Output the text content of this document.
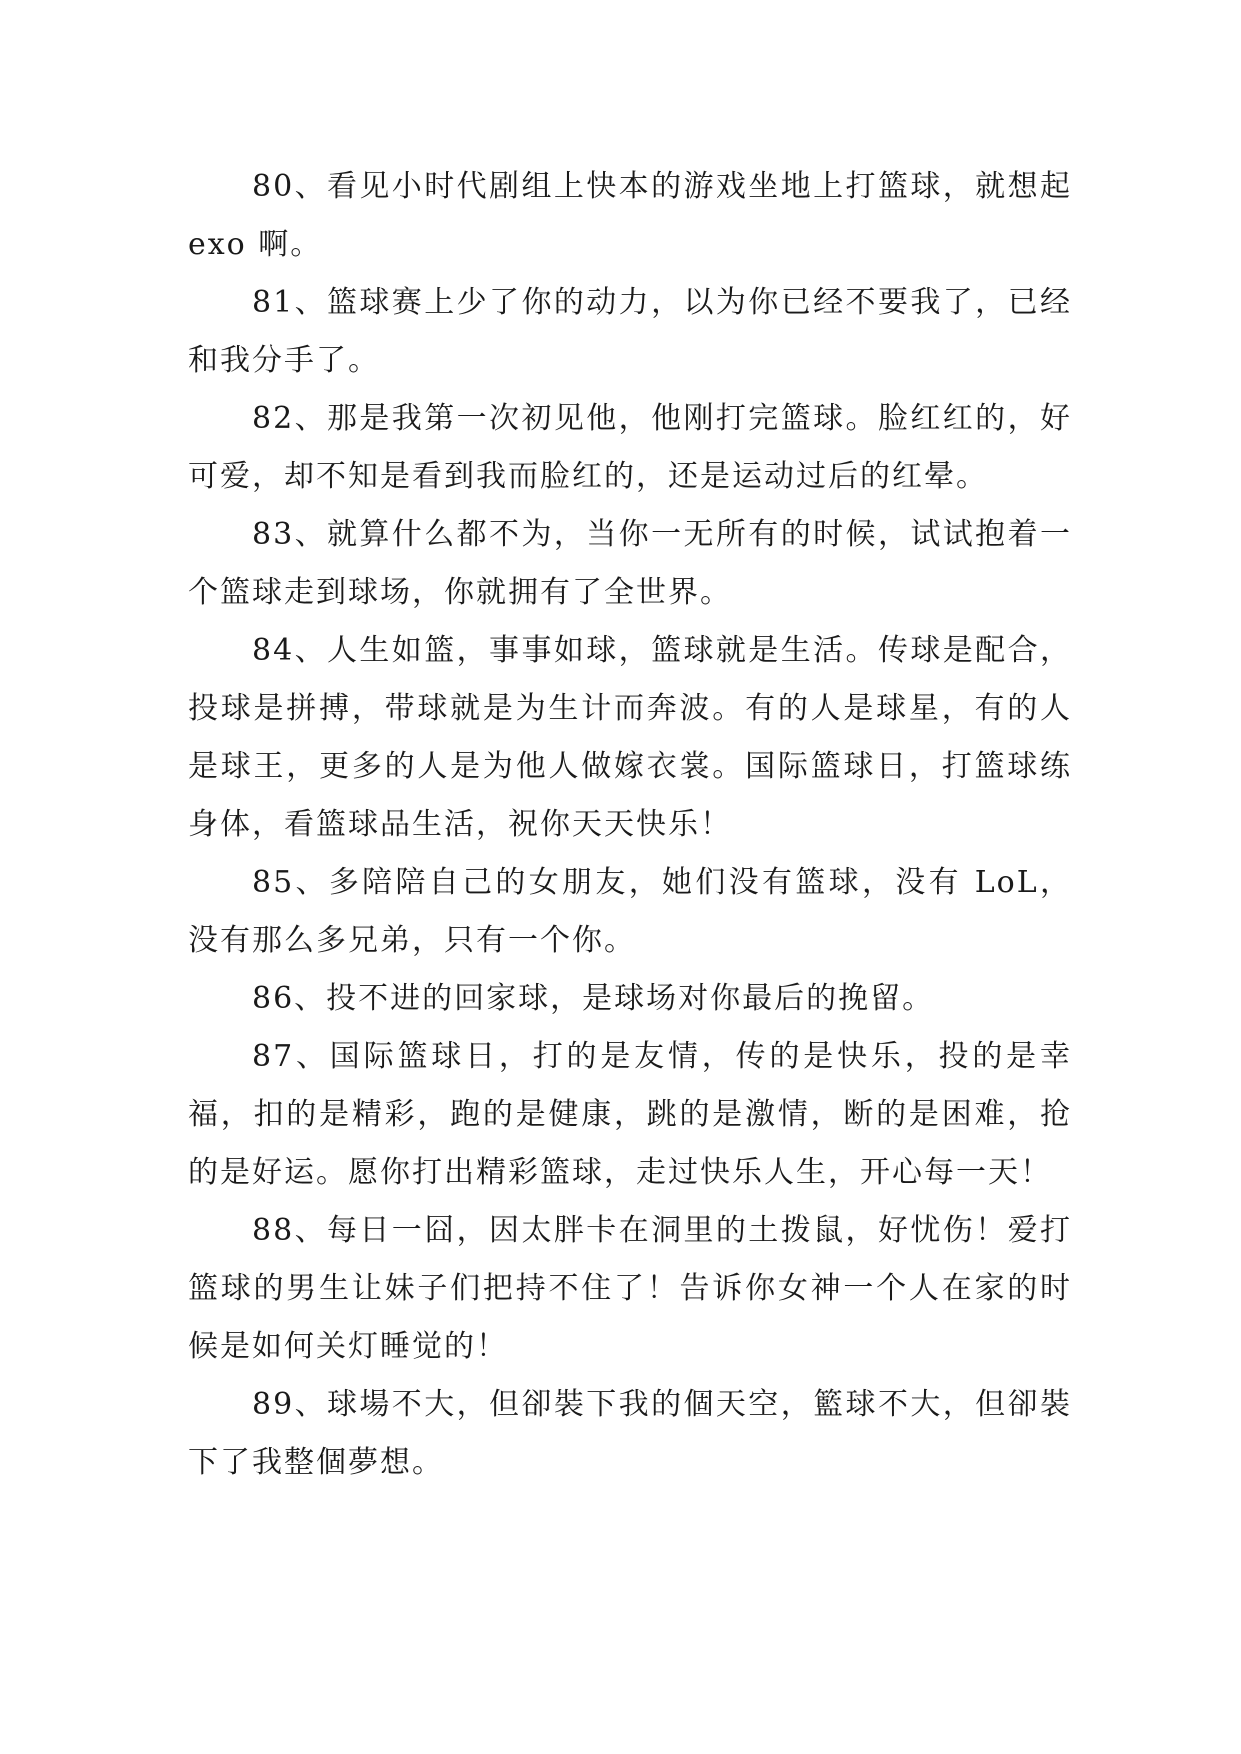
80、看见小时代剧组上快本的游戏坐地上打篮球，就想起 exo 啊。

81、篮球赛上少了你的动力，以为你已经不要我了，已经和我分手了。

82、那是我第一次初见他，他刚打完篮球。脸红红的，好可爱，却不知是看到我而脸红的，还是运动过后的红晕。

83、就算什么都不为，当你一无所有的时候，试试抱着一个篮球走到球场，你就拥有了全世界。

84、人生如篮，事事如球，篮球就是生活。传球是配合，投球是拼搏，带球就是为生计而奔波。有的人是球星，有的人是球王，更多的人是为他人做嫁衣裳。国际篮球日，打篮球练身体，看篮球品生活，祝你天天快乐！

85、多陪陪自己的女朋友，她们没有篮球，没有 LoL，没有那么多兄弟，只有一个你。

86、投不进的回家球，是球场对你最后的挽留。

87、国际篮球日，打的是友情，传的是快乐，投的是幸福，扣的是精彩，跑的是健康，跳的是激情，断的是困难，抢的是好运。愿你打出精彩篮球，走过快乐人生，开心每一天！

88、每日一囧，因太胖卡在洞里的土拨鼠，好忧伤！爱打篮球的男生让妹子们把持不住了！告诉你女神一个人在家的时候是如何关灯睡觉的！

89、球場不大，但卻裝下我的個天空，籃球不大，但卻裝下了我整個夢想。
